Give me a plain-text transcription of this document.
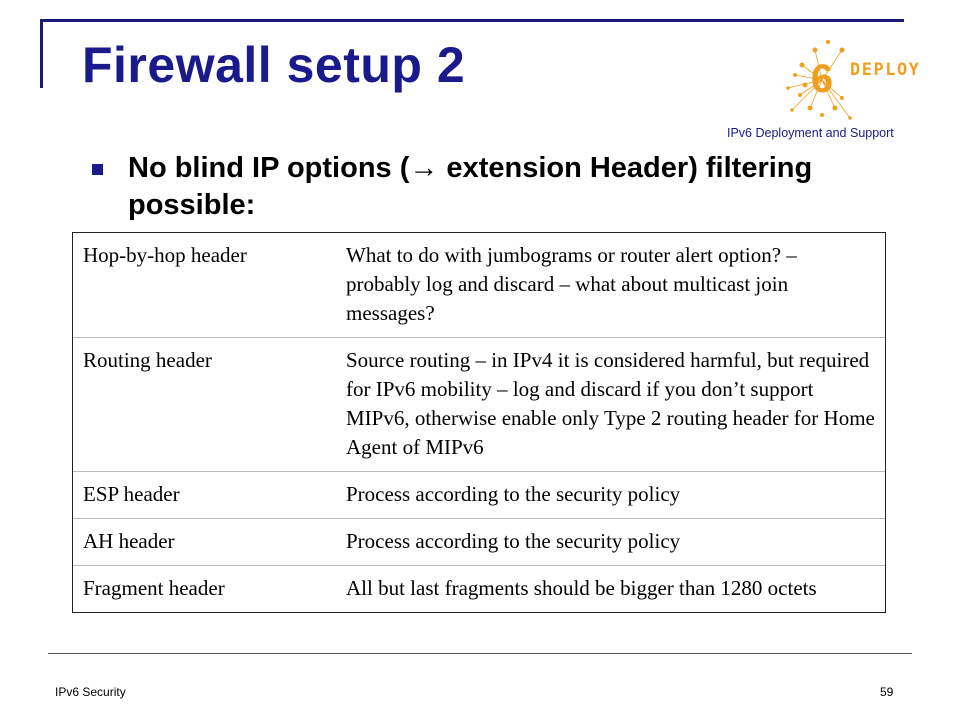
Firewall setup 2	6 DEPLOY
IPv6 Deployment and Support
No blind IP options (→ extension Header) filtering possible:
Hop-by-hop header	What to do with jumbograms or router alert option? – probably log and discard – what about multicast join messages?
Routing header	Source routing – in IPv4 it is considered harmful, but required for IPv6 mobility – log and discard if you don’t support MIPv6, otherwise enable only Type 2 routing header for Home Agent of MIPv6
ESP header	Process according to the security policy
AH header	Process according to the security policy
Fragment header	All but last fragments should be bigger than 1280 octets
IPv6 Security	59
